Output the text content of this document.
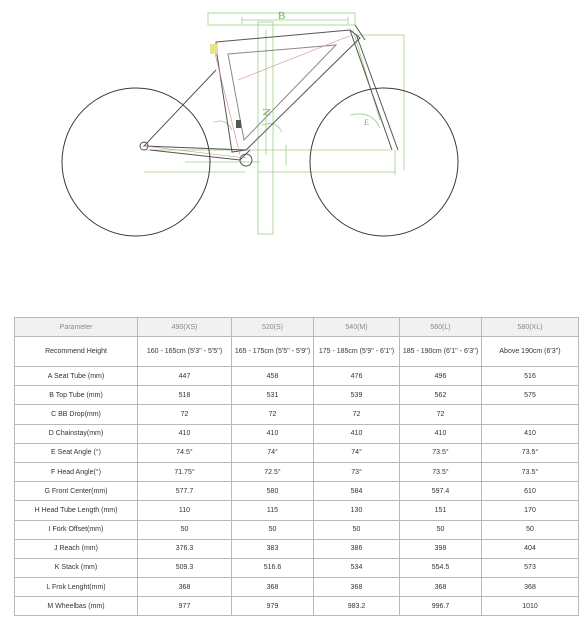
B
N
E
Parameter	490(XS)	520(S)	540(M)	560(L)	580(XL)
Recommend Height	160 - 165cm (5'3'' - 5'5'')	165 - 175cm (5'5'' - 5'9'')	175 - 185cm (5'9'' - 6'1'')	185 - 190cm (6'1'' - 6'3'')	Above 190cm (6'3'')
A Seat Tube (mm)	447	458	476	496	516
B Top Tube (mm)	518	531	539	562	575
C BB Drop(mm)	72	72	72	72	
D Chainstay(mm)	410	410	410	410	410
E Seat Angle (°)	74.5°	74°	74°	73.5°	73.5°
F Head Angle(°)	71.75°	72.5°	73°	73.5°	73.5°
G Front Center(mm)	577.7	580	584	597.4	610
H Head Tube Length (mm)	110	115	130	151	170
I Fork Offset(mm)	50	50	50	50	50
J Reach (mm)	376.3	383	386	398	404
K Stack (mm)	509.3	516.6	534	554.5	573
L Frok Lenght(mm)	368	368	368	368	368
M Wheelbas (mm)	977	979	983.2	996.7	1010
